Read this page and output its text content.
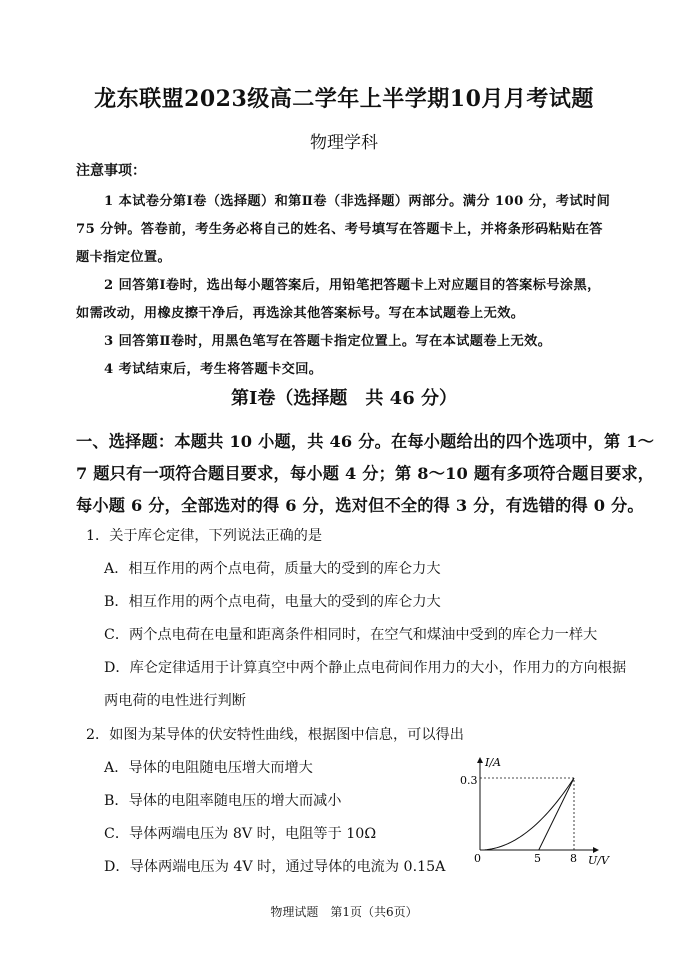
龙东联盟2023级高二学年上半学期10月月考试题
物理学科
注意事项：
1 本试卷分第Ⅰ卷（选择题）和第Ⅱ卷（非选择题）两部分。满分 100 分，考试时间
75 分钟。答卷前，考生务必将自己的姓名、考号填写在答题卡上，并将条形码粘贴在答
题卡指定位置。
2 回答第Ⅰ卷时，选出每小题答案后，用铅笔把答题卡上对应题目的答案标号涂黑，
如需改动，用橡皮擦干净后，再选涂其他答案标号。写在本试题卷上无效。
3 回答第Ⅱ卷时，用黑色笔写在答题卡指定位置上。写在本试题卷上无效。
4 考试结束后，考生将答题卡交回。
第Ⅰ卷（选择题　共 46 分）
一、选择题：本题共 10 小题，共 46 分。在每小题给出的四个选项中，第 1～
7 题只有一项符合题目要求，每小题 4 分；第 8～10 题有多项符合题目要求，
每小题 6 分，全部选对的得 6 分，选对但不全的得 3 分，有选错的得 0 分。
1．关于库仑定律，下列说法正确的是
A．相互作用的两个点电荷，质量大的受到的库仑力大
B．相互作用的两个点电荷，电量大的受到的库仑力大
C．两个点电荷在电量和距离条件相同时，在空气和煤油中受到的库仑力一样大
D．库仑定律适用于计算真空中两个静止点电荷间作用力的大小，作用力的方向根据
两电荷的电性进行判断
2．如图为某导体的伏安特性曲线，根据图中信息，可以得出
A．导体的电阻随电压增大而增大
B．导体的电阻率随电压的增大而减小
C．导体两端电压为 8V 时，电阻等于 10Ω
D．导体两端电压为 4V 时，通过导体的电流为 0.15A
I/A
U/V
0.3
0	5	8
物理试题　第1页（共6页）
